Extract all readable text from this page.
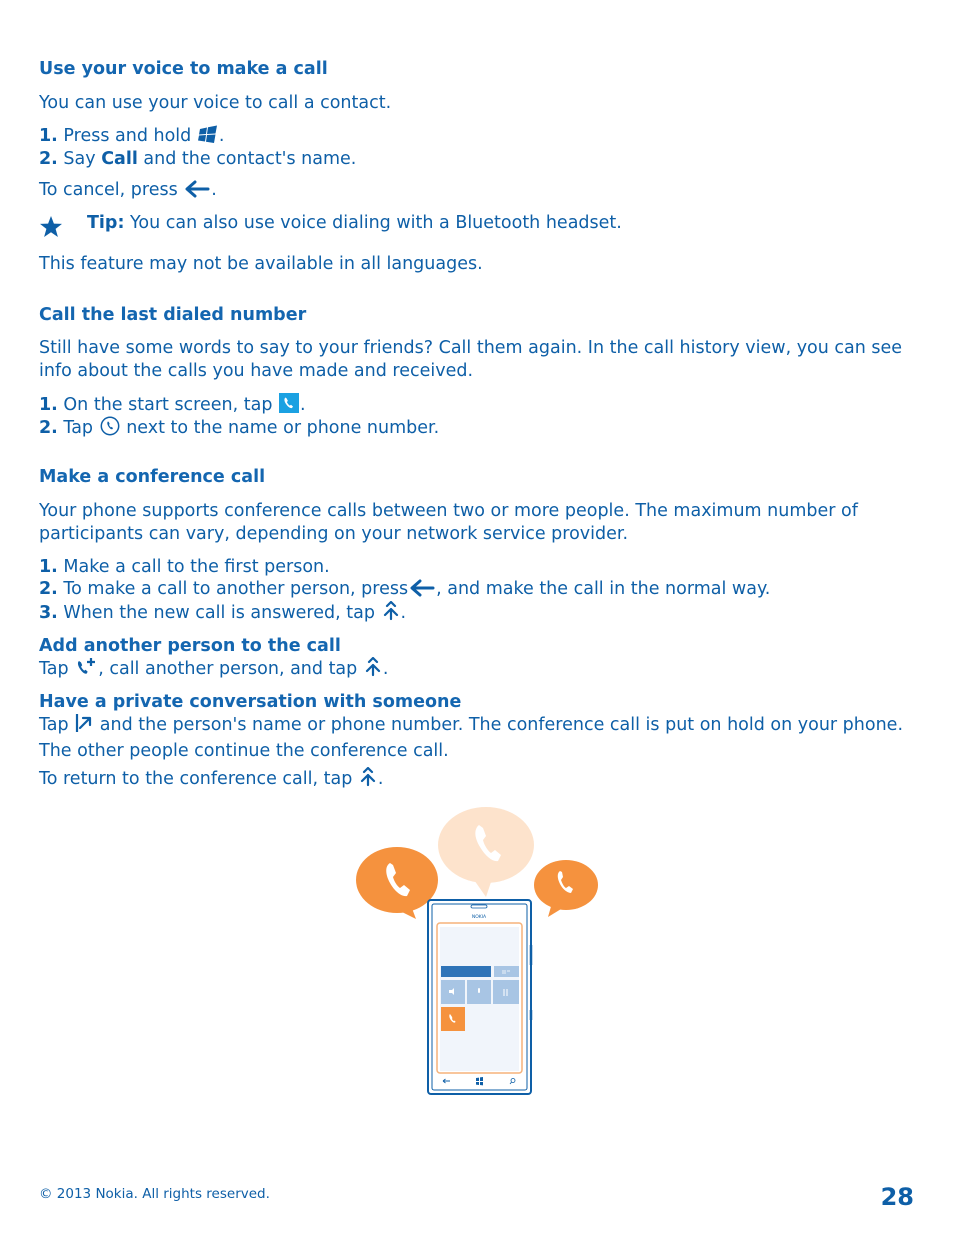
Use your voice to make a call
You can use your voice to call a contact.
1. Press and hold .
2. Say Call and the contact's name.
To cancel, press .
Tip: You can also use voice dialing with a Bluetooth headset.
This feature may not be available in all languages.
Call the last dialed number
Still have some words to say to your friends? Call them again. In the call history view, you can see info about the calls you have made and received.
1. On the start screen, tap .
2. Tap next to the name or phone number.
Make a conference call
Your phone supports conference calls between two or more people. The maximum number of participants can vary, depending on your network service provider.
1. Make a call to the first person.
2. To make a call to another person, press , and make the call in the normal way.
3. When the new call is answered, tap .
Add another person to the call
Tap , call another person, and tap .
Have a private conversation with someone
Tap and the person's name or phone number. The conference call is put on hold on your phone. The other people continue the conference call.
To return to the conference call, tap .
NOKIA
© 2013 Nokia. All rights reserved.	28
